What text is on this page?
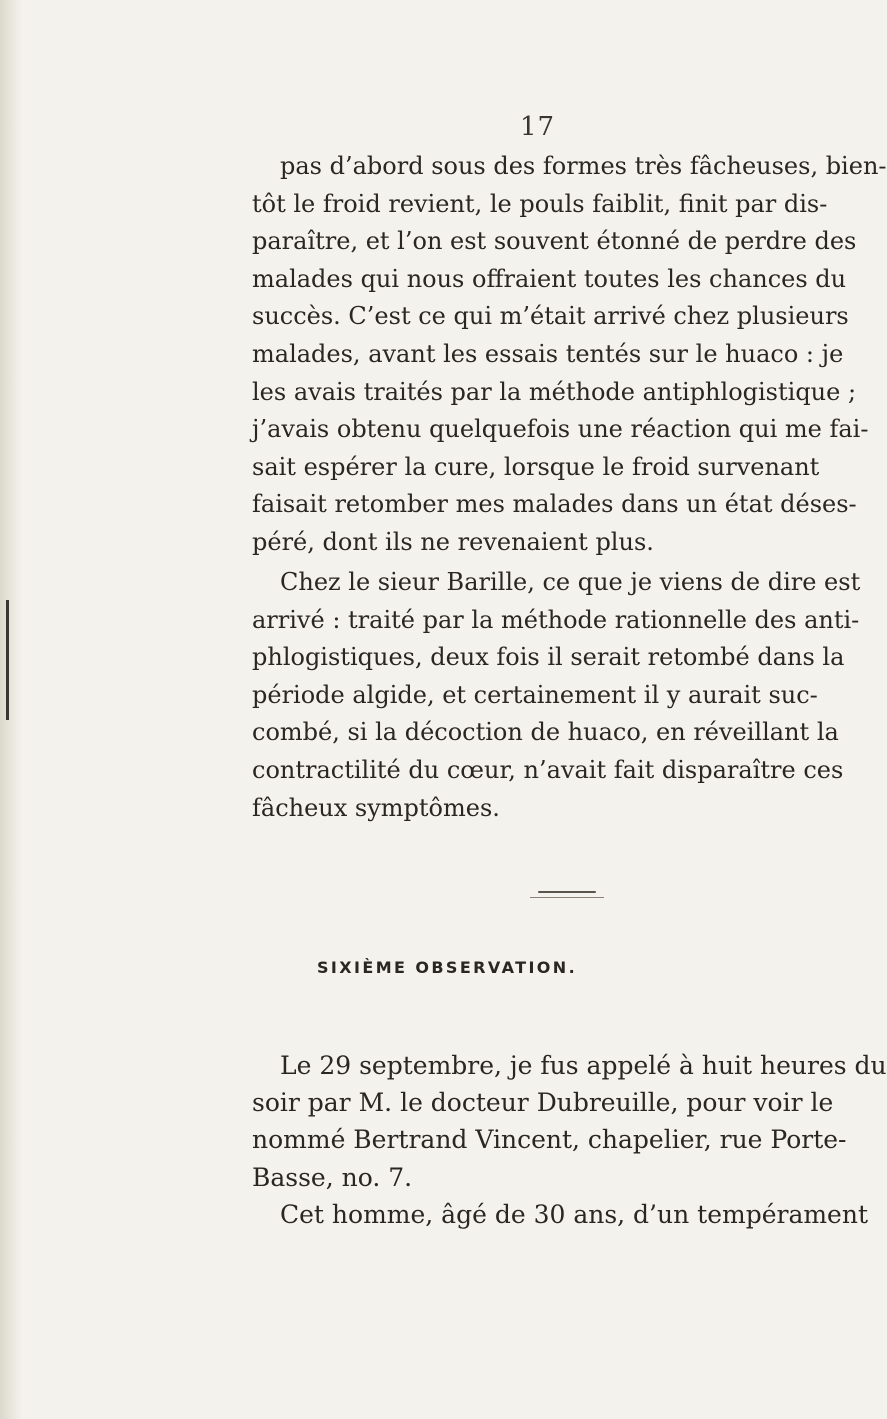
17
pas d’abord sous des formes très fâcheuses, bien-
tôt le froid revient, le pouls faiblit, finit par dis-
paraître, et l’on est souvent étonné de perdre des
malades qui nous offraient toutes les chances du
succès. C’est ce qui m’était arrivé chez plusieurs
malades, avant les essais tentés sur le huaco : je
les avais traités par la méthode antiphlogistique ;
j’avais obtenu quelquefois une réaction qui me fai-
sait espérer la cure, lorsque le froid survenant
faisait retomber mes malades dans un état déses-
péré, dont ils ne revenaient plus.
Chez le sieur Barille, ce que je viens de dire est
arrivé : traité par la méthode rationnelle des anti-
phlogistiques, deux fois il serait retombé dans la
période algide, et certainement il y aurait suc-
combé, si la décoction de huaco, en réveillant la
contractilité du cœur, n’avait fait disparaître ces
fâcheux symptômes.
SIXIÈME OBSERVATION.
Le 29 septembre, je fus appelé à huit heures du
soir par M. le docteur Dubreuille, pour voir le
nommé Bertrand Vincent, chapelier, rue Porte-
Basse, no. 7.
Cet homme, âgé de 30 ans, d’un tempérament
